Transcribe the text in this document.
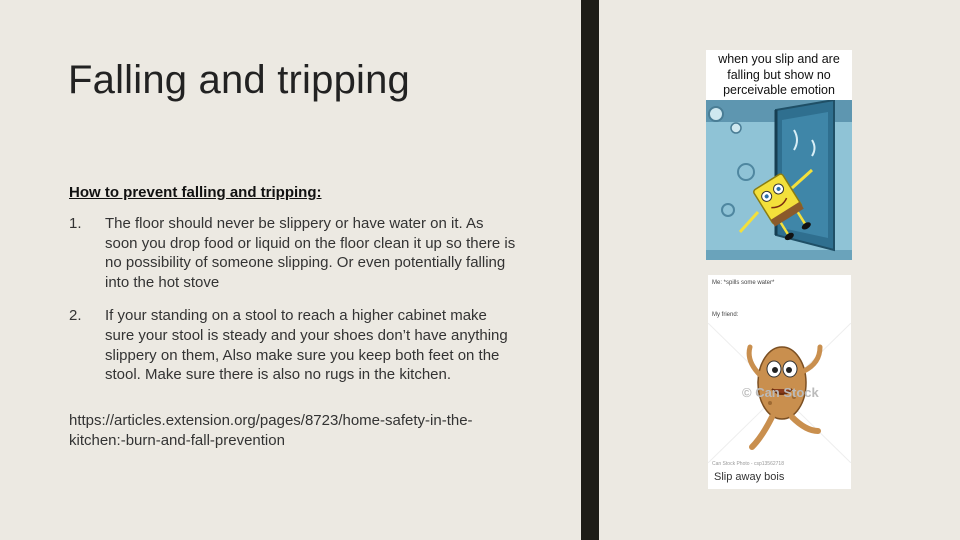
Falling and tripping
How to prevent falling and tripping:
1.	The floor should never be slippery or have water on it. As soon you drop food or liquid on the floor clean it up so there is no possibility of someone slipping. Or even potentially falling into the hot stove
2.	If your standing on a stool to reach a higher cabinet make sure your stool is steady and your shoes don’t have anything slippery on them, Also make sure you keep both feet on the stool. Make sure there is also no rugs in the kitchen.
https://articles.extension.org/pages/8723/home-safety-in-the-kitchen:-burn-and-fall-prevention
when you slip and are falling but show no perceivable emotion
Me: *spills some water*
My friend:
© Can Stock
Can Stock Photo - csp13562718
Slip away bois
